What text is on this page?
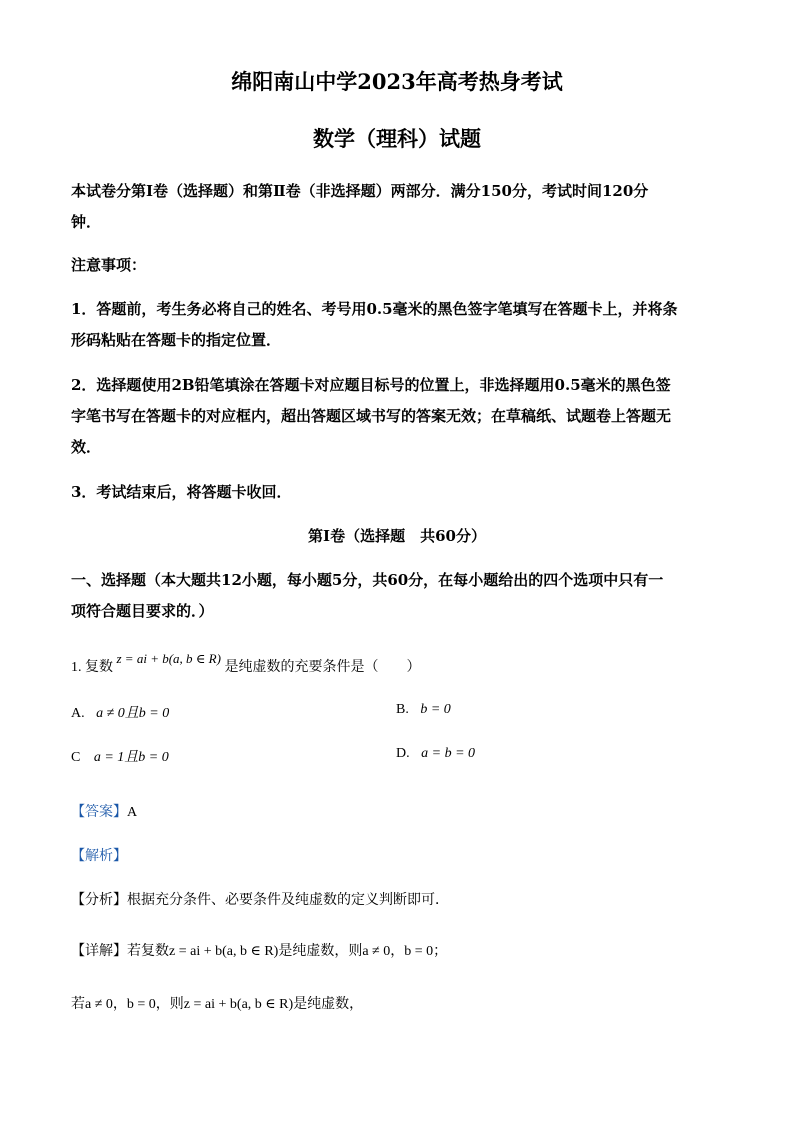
绵阳南山中学2023年高考热身考试
数学（理科）试题
本试卷分第Ⅰ卷（选择题）和第Ⅱ卷（非选择题）两部分．满分150分，考试时间120分
钟．
注意事项：
1．答题前，考生务必将自己的姓名、考号用0.5毫米的黑色签字笔填写在答题卡上，并将条
形码粘贴在答题卡的指定位置．
2．选择题使用2B铅笔填涂在答题卡对应题目标号的位置上，非选择题用0.5毫米的黑色签
字笔书写在答题卡的对应框内，超出答题区域书写的答案无效；在草稿纸、试题卷上答题无
效．
3．考试结束后，将答题卡收回．
第Ⅰ卷（选择题　共60分）
一、选择题（本大题共12小题，每小题5分，共60分，在每小题给出的四个选项中只有一
项符合题目要求的．）
1. 复数 z = ai + b(a, b ∈ R) 是纯虚数的充要条件是（　　）
A. a ≠ 0且b = 0	B. b = 0
C a = 1且b = 0	D. a = b = 0
【答案】A
【解析】
【分析】根据充分条件、必要条件及纯虚数的定义判断即可．
【详解】若复数z = ai + b(a, b ∈ R)是纯虚数，则a ≠ 0，b = 0；
若a ≠ 0，b = 0，则z = ai + b(a, b ∈ R)是纯虚数，
